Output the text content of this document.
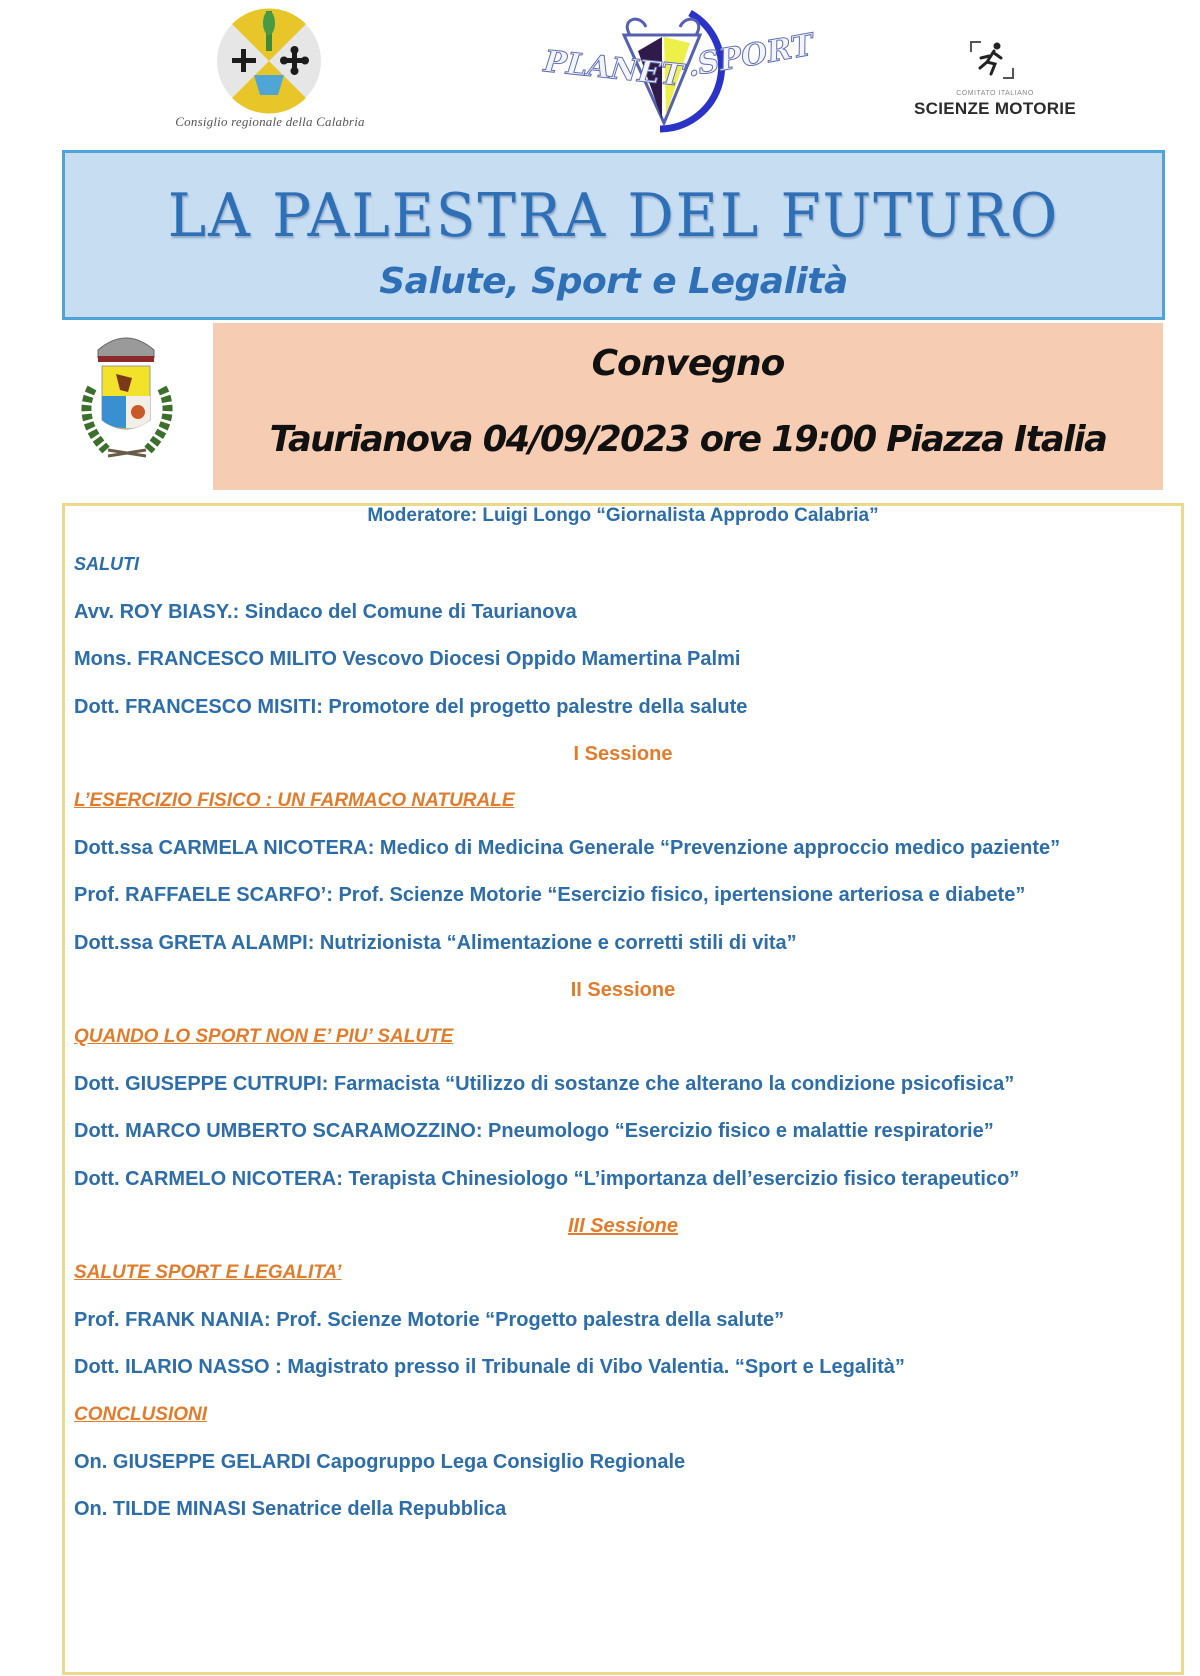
Consiglio regionale della Calabria
PLANET .SPORT
COMITATO ITALIANO
SCIENZE MOTORIE
LA PALESTRA DEL FUTURO
Salute, Sport e Legalità
Convegno
Taurianova 04/09/2023 ore 19:00 Piazza Italia
Moderatore: Luigi Longo “Giornalista Approdo Calabria”
SALUTI
Avv. ROY BIASY.: Sindaco del Comune di Taurianova
Mons. FRANCESCO MILITO Vescovo Diocesi Oppido Mamertina Palmi
Dott. FRANCESCO MISITI: Promotore del progetto palestre della salute
I Sessione
L’ESERCIZIO FISICO : UN FARMACO NATURALE
Dott.ssa CARMELA NICOTERA: Medico di Medicina Generale “Prevenzione approccio medico paziente”
Prof. RAFFAELE SCARFO’: Prof. Scienze Motorie “Esercizio fisico, ipertensione arteriosa e diabete”
Dott.ssa GRETA ALAMPI: Nutrizionista “Alimentazione e corretti stili di vita”
II Sessione
QUANDO LO SPORT NON E’ PIU’ SALUTE
Dott. GIUSEPPE CUTRUPI: Farmacista “Utilizzo di sostanze che alterano la condizione psicofisica”
Dott. MARCO UMBERTO SCARAMOZZINO: Pneumologo “Esercizio fisico e malattie respiratorie”
Dott. CARMELO NICOTERA: Terapista Chinesiologo “L’importanza dell’esercizio fisico terapeutico”
III Sessione
SALUTE SPORT E LEGALITA’
Prof. FRANK NANIA: Prof. Scienze Motorie “Progetto palestra della salute”
Dott. ILARIO NASSO : Magistrato presso il Tribunale di Vibo Valentia. “Sport e Legalità”
CONCLUSIONI
On. GIUSEPPE GELARDI Capogruppo Lega Consiglio Regionale
On. TILDE MINASI Senatrice della Repubblica
